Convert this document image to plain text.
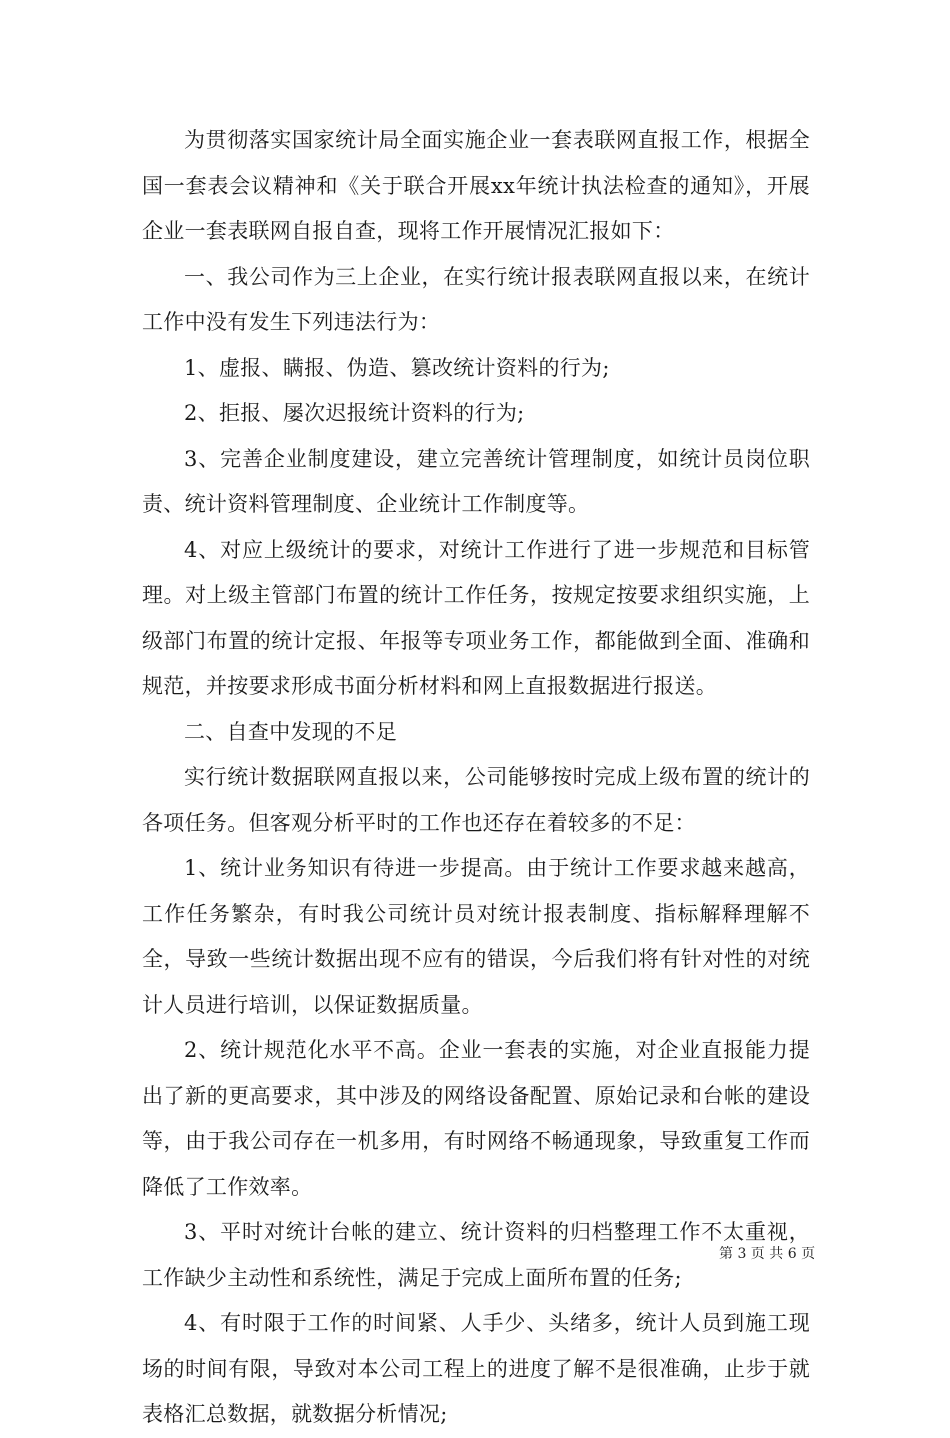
为贯彻落实国家统计局全面实施企业一套表联网直报工作，根据全国一套表会议精神和《关于联合开展xx年统计执法检查的通知》，开展企业一套表联网自报自查，现将工作开展情况汇报如下：

一、我公司作为三上企业，在实行统计报表联网直报以来，在统计工作中没有发生下列违法行为：

1、虚报、瞒报、伪造、篡改统计资料的行为;

2、拒报、屡次迟报统计资料的行为;

3、完善企业制度建设，建立完善统计管理制度，如统计员岗位职责、统计资料管理制度、企业统计工作制度等。

4、对应上级统计的要求，对统计工作进行了进一步规范和目标管理。对上级主管部门布置的统计工作任务，按规定按要求组织实施，上级部门布置的统计定报、年报等专项业务工作，都能做到全面、准确和规范，并按要求形成书面分析材料和网上直报数据进行报送。

二、自查中发现的不足

实行统计数据联网直报以来，公司能够按时完成上级布置的统计的各项任务。但客观分析平时的工作也还存在着较多的不足：

1、统计业务知识有待进一步提高。由于统计工作要求越来越高，工作任务繁杂，有时我公司统计员对统计报表制度、指标解释理解不全，导致一些统计数据出现不应有的错误，今后我们将有针对性的对统计人员进行培训，以保证数据质量。

2、统计规范化水平不高。企业一套表的实施，对企业直报能力提出了新的更高要求，其中涉及的网络设备配置、原始记录和台帐的建设等，由于我公司存在一机多用，有时网络不畅通现象，导致重复工作而降低了工作效率。

3、平时对统计台帐的建立、统计资料的归档整理工作不太重视，工作缺少主动性和系统性，满足于完成上面所布置的任务;

4、有时限于工作的时间紧、人手少、头绪多，统计人员到施工现场的时间有限，导致对本公司工程上的进度了解不是很准确，止步于就表格汇总数据，就数据分析情况;

第 3 页 共 6 页
